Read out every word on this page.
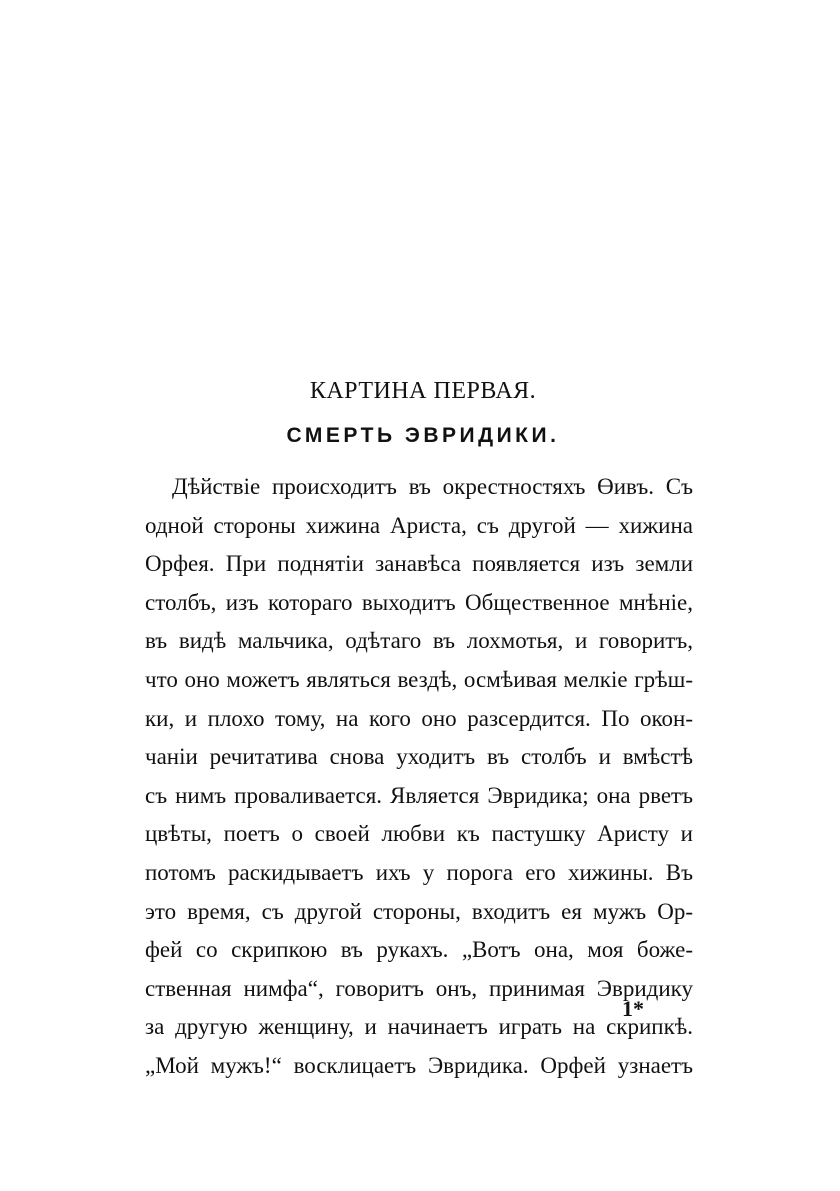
КАРТИНА ПЕРВАЯ.
СМЕРТЬ ЭВРИДИКИ.
Дѣйствіе происходитъ въ окрестностяхъ Өивъ. Съ
одной стороны хижина Ариста, съ другой — хижина
Орфея. При поднятіи занавѣса появляется изъ земли
столбъ, изъ котораго выходитъ Общественное мнѣніе,
въ видѣ мальчика, одѣтаго въ лохмотья, и говоритъ,
что оно можетъ являться вездѣ, осмѣивая мелкіе грѣш-
ки, и плохо тому, на кого оно разсердится. По окон-
чаніи речитатива снова уходитъ въ столбъ и вмѣстѣ
съ нимъ проваливается. Является Эвридика; она рветъ
цвѣты, поетъ о своей любви къ пастушку Аристу и
потомъ раскидываетъ ихъ у порога его хижины. Въ
это время, съ другой стороны, входитъ ея мужъ Ор-
фей со скрипкою въ рукахъ. „Вотъ она, моя боже-
ственная нимфа“, говоритъ онъ, принимая Эвридику
за другую женщину, и начинаетъ играть на скрипкѣ.
„Мой мужъ!“ восклицаетъ Эвридика. Орфей узнаетъ
1*
